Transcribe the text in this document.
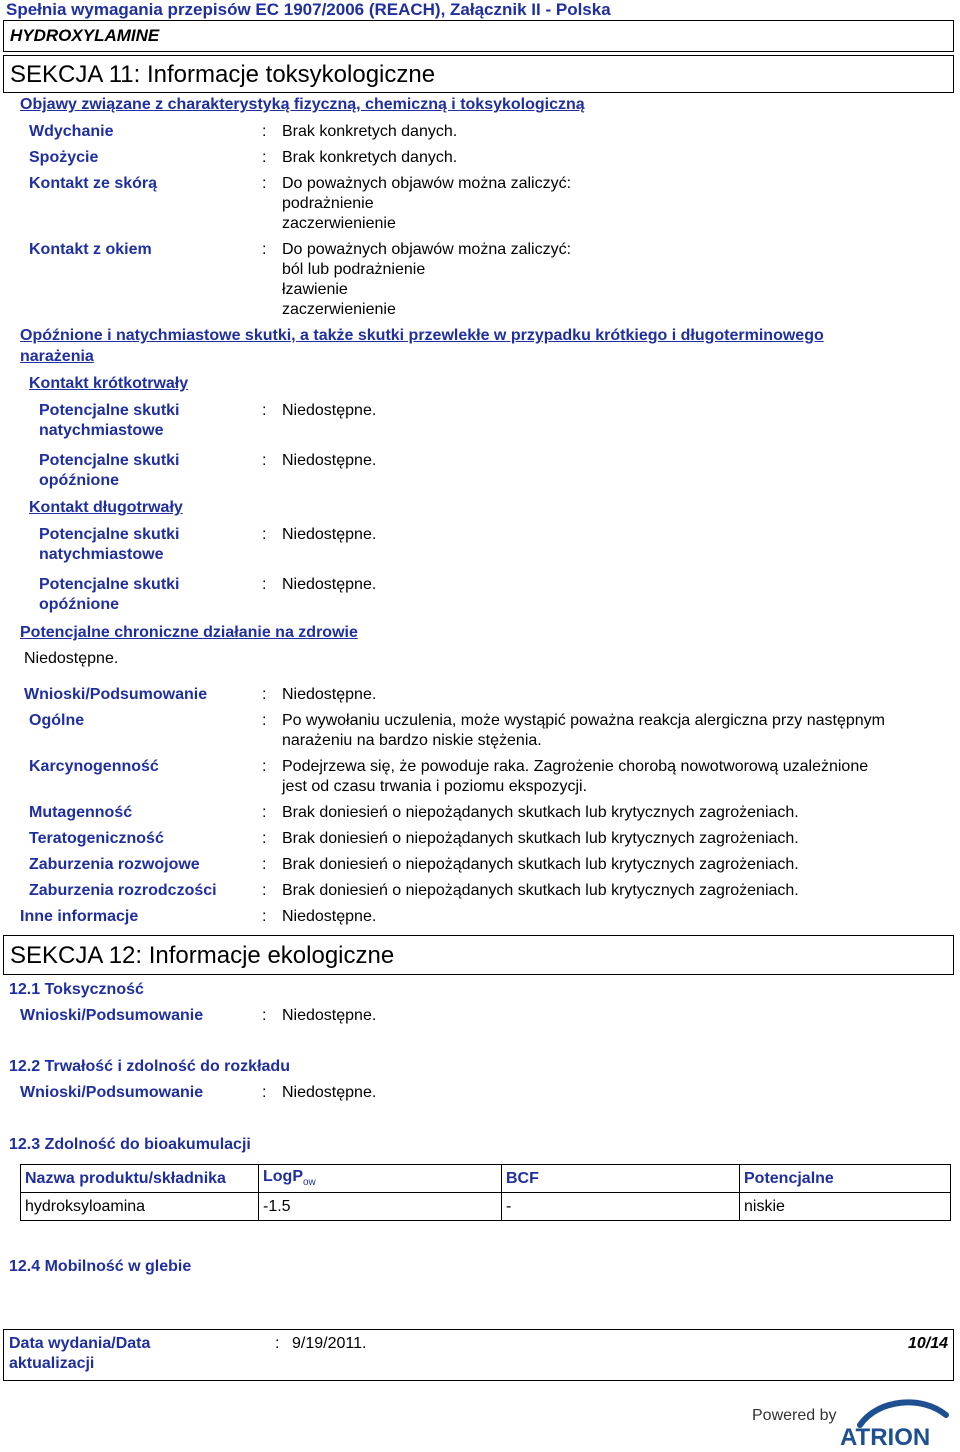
Spełnia wymagania przepisów EC 1907/2006 (REACH), Załącznik II - Polska
HYDROXYLAMINE
SEKCJA 11: Informacje toksykologiczne
Objawy związane z charakterystyką fizyczną, chemiczną i toksykologiczną
Wdychanie	: Brak konkretych danych.
Spożycie	: Brak konkretych danych.
Kontakt ze skórą	: Do poważnych objawów można zaliczyć:
podrażnienie
zaczerwienienie
Kontakt z okiem	: Do poważnych objawów można zaliczyć:
ból lub podrażnienie
łzawienie
zaczerwienienie
Opóźnione i natychmiastowe skutki, a także skutki przewlekłe w przypadku krótkiego i długoterminowego
narażenia
Kontakt krótkotrwały
Potencjalne skutki
natychmiastowe
: Niedostępne.
Potencjalne skutki
opóźnione
: Niedostępne.
Kontakt długotrwały
Potencjalne skutki
natychmiastowe
: Niedostępne.
Potencjalne skutki
opóźnione
: Niedostępne.
Potencjalne chroniczne działanie na zdrowie
Niedostępne.
Wnioski/Podsumowanie	: Niedostępne.
Ogólne	: Po wywołaniu uczulenia, może wystąpić poważna reakcja alergiczna przy następnym
narażeniu na bardzo niskie stężenia.
Karcynogenność	: Podejrzewa się, że powoduje raka. Zagrożenie chorobą nowotworową uzależnione
jest od czasu trwania i poziomu ekspozycji.
Mutagenność	: Brak doniesień o niepożądanych skutkach lub krytycznych zagrożeniach.
Teratogeniczność	: Brak doniesień o niepożądanych skutkach lub krytycznych zagrożeniach.
Zaburzenia rozwojowe	: Brak doniesień o niepożądanych skutkach lub krytycznych zagrożeniach.
Zaburzenia rozrodczości	: Brak doniesień o niepożądanych skutkach lub krytycznych zagrożeniach.
Inne informacje	: Niedostępne.
SEKCJA 12: Informacje ekologiczne
12.1 Toksyczność
Wnioski/Podsumowanie	: Niedostępne.
12.2 Trwałość i zdolność do rozkładu
Wnioski/Podsumowanie	: Niedostępne.
12.3 Zdolność do bioakumulacji
Nazwa produktu/składnika	LogP$_{ow}$	BCF	Potencjalne
hydroksyloamina	-1.5	-	niskie
12.4 Mobilność w glebie
Data wydania/Data
aktualizacji
: 9/19/2011.	10/14
Powered by
ATRION
